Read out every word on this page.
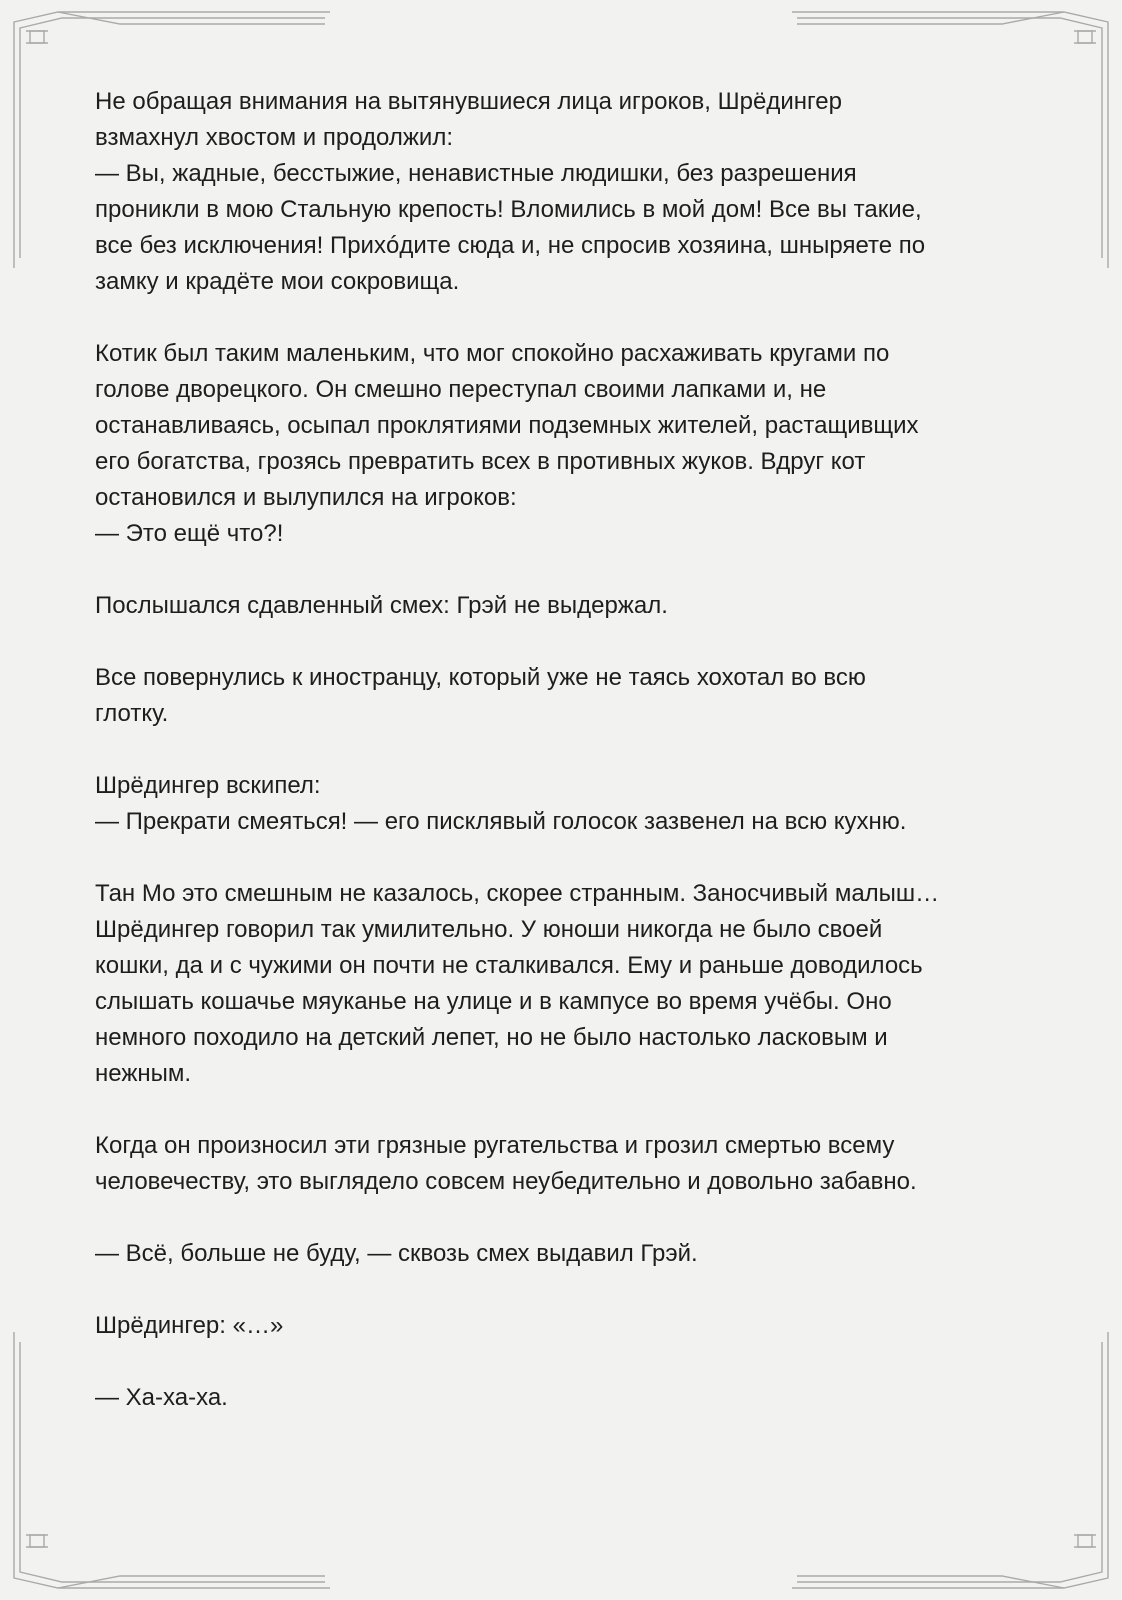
Не обращая внимания на вытянувшиеся лица игроков, Шрёдингер
взмахнул хвостом и продолжил:
— Вы, жадные, бесстыжие, ненавистные людишки, без разрешения
проникли в мою Стальную крепость! Вломились в мой дом! Все вы такие,
все без исключения! Прихóдите сюда и, не спросив хозяина, шныряете по
замку и крадёте мои сокровища.

Котик был таким маленьким, что мог спокойно расхаживать кругами по
голове дворецкого. Он смешно переступал своими лапками и, не
останавливаясь, осыпал проклятиями подземных жителей, растащивщих
его богатства, грозясь превратить всех в противных жуков. Вдруг кот
остановился и вылупился на игроков:
— Это ещё что?!

Послышался сдавленный смех: Грэй не выдержал.

Все повернулись к иностранцу, который уже не таясь хохотал во всю
глотку.

Шрёдингер вскипел:
— Прекрати смеяться! — его писклявый голосок зазвенел на всю кухню.

Тан Мо это смешным не казалось, скорее странным. Заносчивый малыш…
Шрёдингер говорил так умилительно. У юноши никогда не было своей
кошки, да и с чужими он почти не сталкивался. Ему и раньше доводилось
слышать кошачье мяуканье на улице и в кампусе во время учёбы. Оно
немного походило на детский лепет, но не было настолько ласковым и
нежным.

Когда он произносил эти грязные ругательства и грозил смертью всему
человечеству, это выглядело совсем неубедительно и довольно забавно.

— Всё, больше не буду, — сквозь смех выдавил Грэй.

Шрёдингер: «…»

— Ха-ха-ха.
